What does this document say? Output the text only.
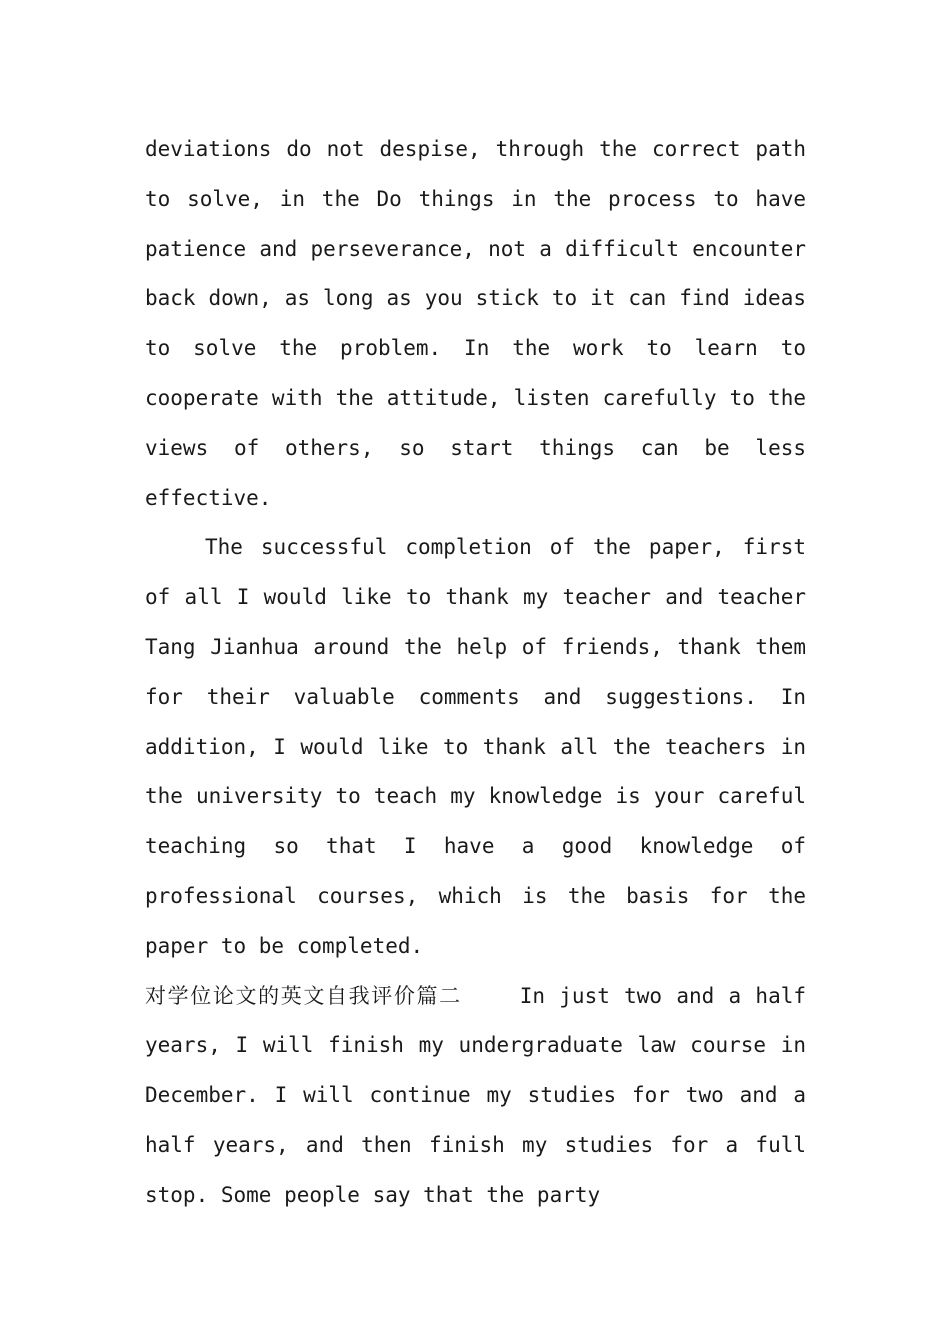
deviations do not despise, through the correct path to solve, in the Do things in the process to have patience and perseverance, not a difficult encounter back down, as long as you stick to it can find ideas to solve the problem. In the work to learn to cooperate with the attitude, listen carefully to the views of others, so start things can be less effective.

The successful completion of the paper, first of all I would like to thank my teacher and teacher Tang Jianhua around the help of friends, thank them for their valuable comments and suggestions. In addition, I would like to thank all the teachers in the university to teach my knowledge is your careful teaching so that I have a good knowledge of professional courses, which is the basis for the paper to be completed.

对学位论文的英文自我评价篇二	In just two and a half years, I will finish my undergraduate law course in December. I will continue my studies for two and a half years, and then finish my studies for a full stop. Some people say that the party
